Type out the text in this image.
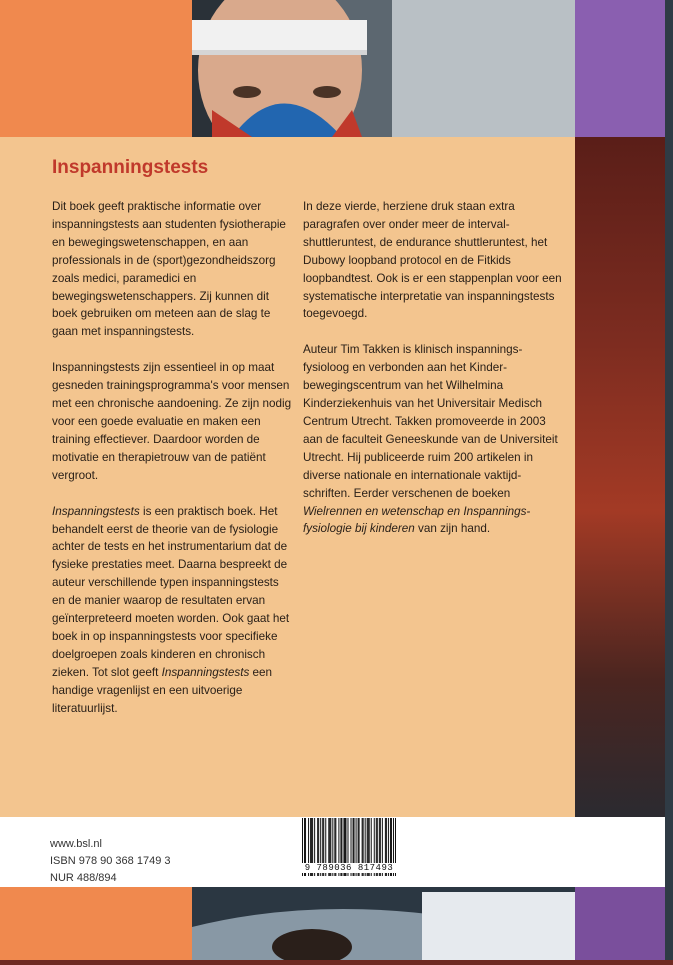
Inspanningstests

Dit boek geeft praktische informatie over inspanningstests aan studenten fysiotherapie en bewegingswetenschappen, en aan professionals in de (sport)gezondheidszorg zoals medici, paramedici en bewegingswetenschappers. Zij kunnen dit boek gebruiken om meteen aan de slag te gaan met inspanningstests.

Inspanningstests zijn essentieel in op maat gesneden trainingsprogramma's voor mensen met een chronische aandoening. Ze zijn nodig voor een goede evaluatie en maken een training effectiever. Daardoor worden de motivatie en therapietrouw van de patiënt vergroot.

Inspanningstests is een praktisch boek. Het behandelt eerst de theorie van de fysiologie achter de tests en het instrumentarium dat de fysieke prestaties meet. Daarna bespreekt de auteur verschillende typen inspanningstests en de manier waarop de resultaten ervan geïnterpreteerd moeten worden. Ook gaat het boek in op inspanningstests voor specifieke doelgroepen zoals kinderen en chronisch zieken. Tot slot geeft Inspanningstests een handige vragenlijst en een uitvoerige literatuurlijst.

In deze vierde, herziene druk staan extra paragrafen over onder meer de intervalshuttleruntest, de endurance shuttleruntest, het Dubowy loopband protocol en de Fitkids loopbandtest. Ook is er een stappenplan voor een systematische interpretatie van inspanningstests toegevoegd.

Auteur Tim Takken is klinisch inspanningsfysioloog en verbonden aan het Kinderbewegingscentrum van het Wilhelmina Kinderziekenhuis van het Universitair Medisch Centrum Utrecht. Takken promoveerde in 2003 aan de faculteit Geneeskunde van de Universiteit Utrecht. Hij publiceerde ruim 200 artikelen in diverse nationale en internationale vaktijdschriften. Eerder verschenen de boeken Wielrennen en wetenschap en Inspanningsfysiologie bij kinderen van zijn hand.

www.bsl.nl
ISBN 978 90 368 1749 3
NUR 488/894
9 789036 817493
